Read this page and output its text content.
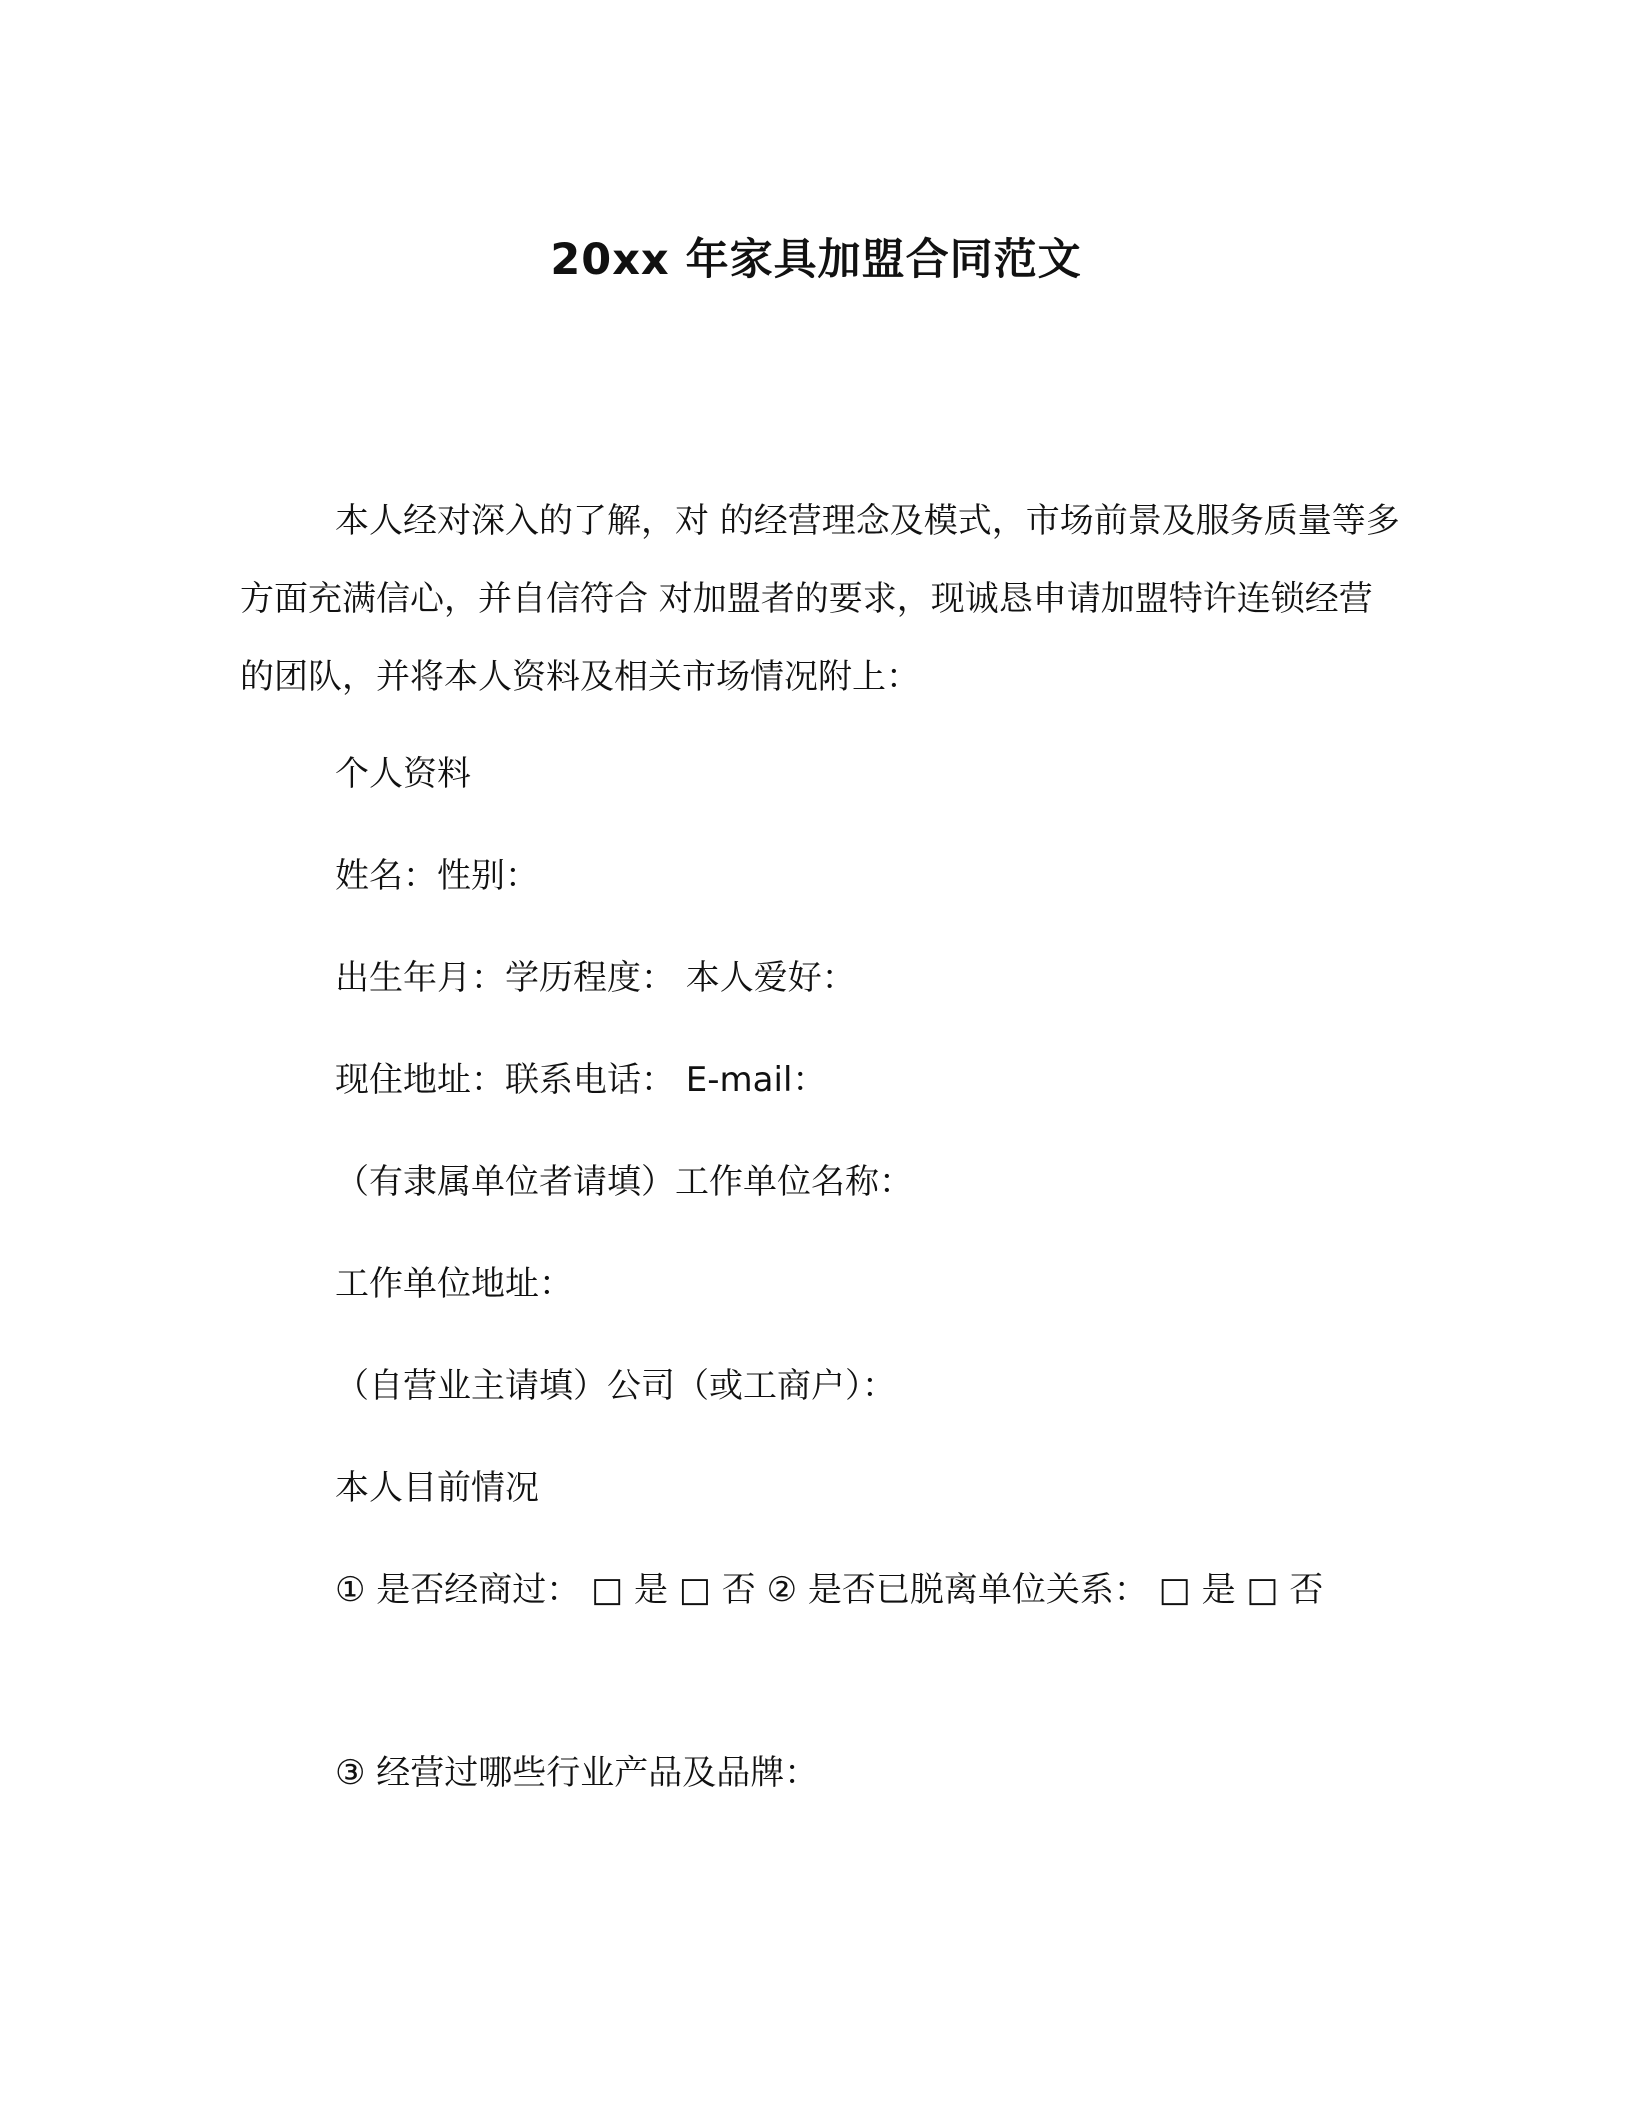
20xx 年家具加盟合同范文

本人经对深入的了解，对 的经营理念及模式，市场前景及服务质量等多方面充满信心，并自信符合 对加盟者的要求，现诚恳申请加盟特许连锁经营的团队，并将本人资料及相关市场情况附上：

个人资料
姓名：性别：
出生年月：学历程度： 本人爱好：
现住地址：联系电话： E-mail：
（有隶属单位者请填）工作单位名称：
工作单位地址：
（自营业主请填）公司（或工商户）：
本人目前情况
① 是否经商过： □ 是 □ 否 ② 是否已脱离单位关系： □ 是 □ 否
③ 经营过哪些行业产品及品牌：
